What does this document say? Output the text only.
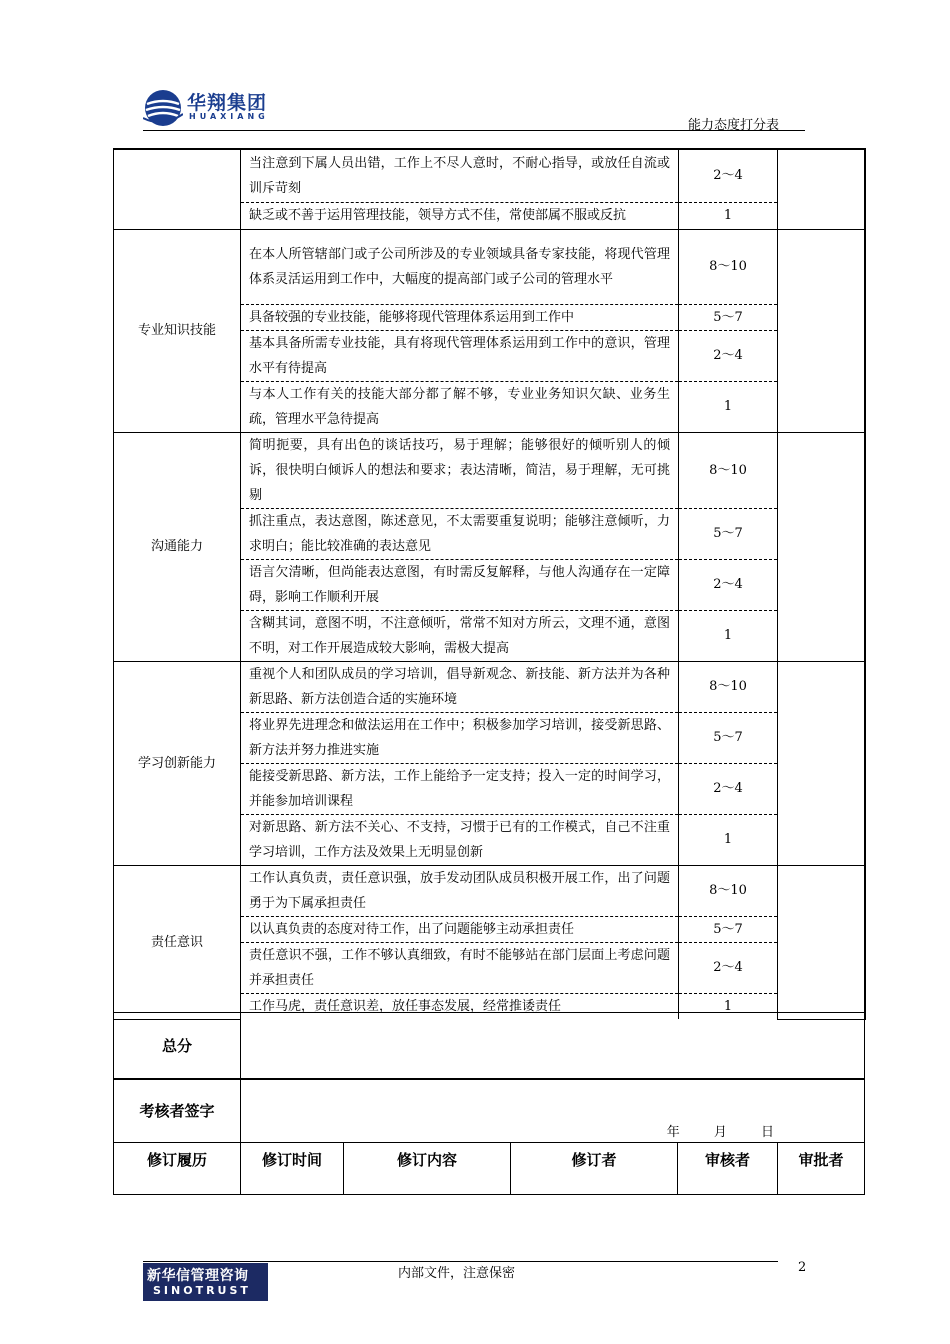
华翔集团
HUAXIANG
能力态度打分表
	当注意到下属人员出错，工作上不尽人意时，不耐心指导，或放任自流或训斥苛刻	2～4	
	缺乏或不善于运用管理技能，领导方式不佳，常使部属不服或反抗	1	
专业知识技能	在本人所管辖部门或子公司所涉及的专业领域具备专家技能，将现代管理体系灵活运用到工作中，大幅度的提高部门或子公司的管理水平	8～10	
	具备较强的专业技能，能够将现代管理体系运用到工作中	5～7	
	基本具备所需专业技能，具有将现代管理体系运用到工作中的意识，管理水平有待提高	2～4	
	与本人工作有关的技能大部分都了解不够，专业业务知识欠缺、业务生疏，管理水平急待提高	1	
沟通能力	简明扼要，具有出色的谈话技巧，易于理解；能够很好的倾听别人的倾诉，很快明白倾诉人的想法和要求；表达清晰，简洁，易于理解，无可挑剔	8～10	
	抓注重点，表达意图，陈述意见，不太需要重复说明；能够注意倾听，力求明白；能比较准确的表达意见	5～7	
	语言欠清晰，但尚能表达意图，有时需反复解释，与他人沟通存在一定障碍，影响工作顺利开展	2～4	
	含糊其词，意图不明，不注意倾听，常常不知对方所云，文理不通，意图不明，对工作开展造成较大影响，需极大提高	1	
学习创新能力	重视个人和团队成员的学习培训，倡导新观念、新技能、新方法并为各种新思路、新方法创造合适的实施环境	8～10	
	将业界先进理念和做法运用在工作中；积极参加学习培训，接受新思路、新方法并努力推进实施	5～7	
	能接受新思路、新方法，工作上能给予一定支持；投入一定的时间学习，并能参加培训课程	2～4	
	对新思路、新方法不关心、不支持，习惯于已有的工作模式，自己不注重学习培训，工作方法及效果上无明显创新	1	
责任意识	工作认真负责，责任意识强，放手发动团队成员积极开展工作，出了问题勇于为下属承担责任	8～10	
	以认真负责的态度对待工作，出了问题能够主动承担责任	5～7	
	责任意识不强，工作不够认真细致，有时不能够站在部门层面上考虑问题并承担责任	2～4	
	工作马虎，责任意识差，放任事态发展，经常推诿责任	1	
总分					
考核者签字	年 月 日				

修订履历	修订时间	修订内容	修订者	审核者	审批者
新华信管理咨询
SINOTRUST
内部文件，注意保密	2
